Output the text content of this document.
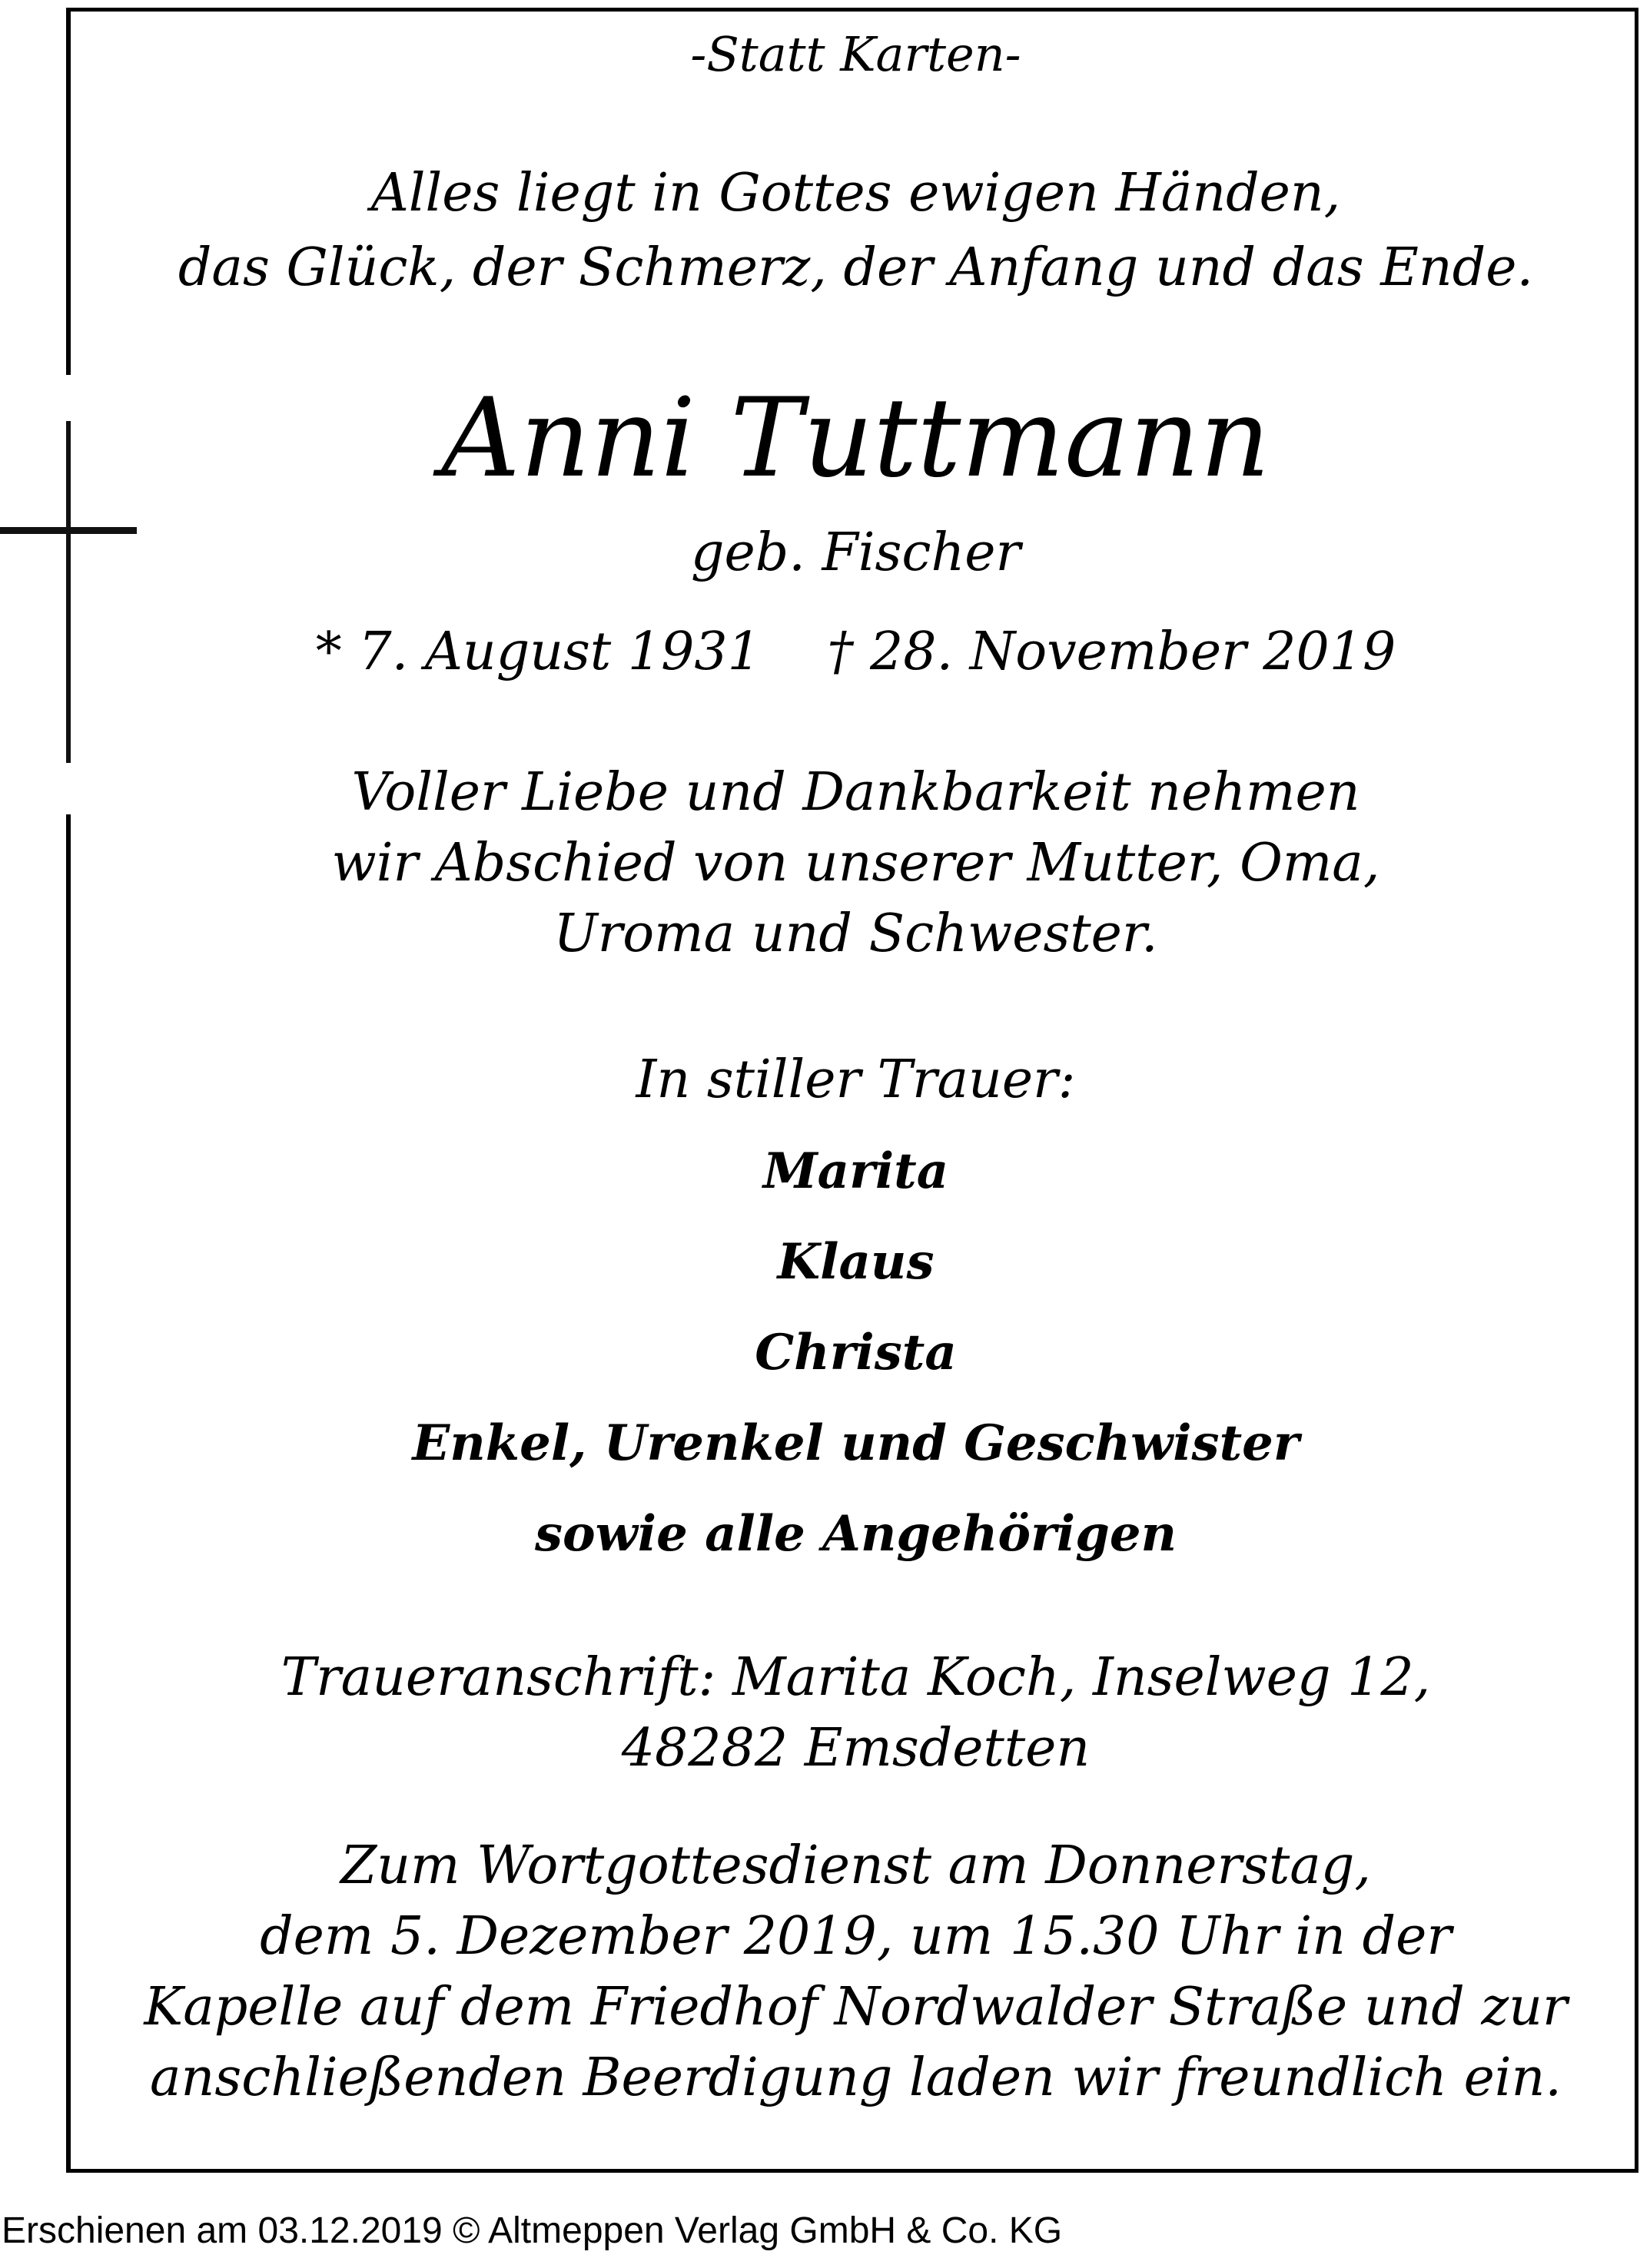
-Statt Karten-
Alles liegt in Gottes ewigen Händen,
das Glück, der Schmerz, der Anfang und das Ende.
Anni Tuttmann
geb. Fischer
* 7. August 1931    † 28. November 2019
Voller Liebe und Dankbarkeit nehmen
wir Abschied von unserer Mutter, Oma,
Uroma und Schwester.
In stiller Trauer:
Marita
Klaus
Christa
Enkel, Urenkel und Geschwister
sowie alle Angehörigen
Traueranschrift: Marita Koch, Inselweg 12,
48282 Emsdetten
Zum Wortgottesdienst am Donnerstag,
dem 5. Dezember 2019, um 15.30 Uhr in der
Kapelle auf dem Friedhof Nordwalder Straße und zur
anschließenden Beerdigung laden wir freundlich ein.
Erschienen am 03.12.2019 © Altmeppen Verlag GmbH & Co. KG
